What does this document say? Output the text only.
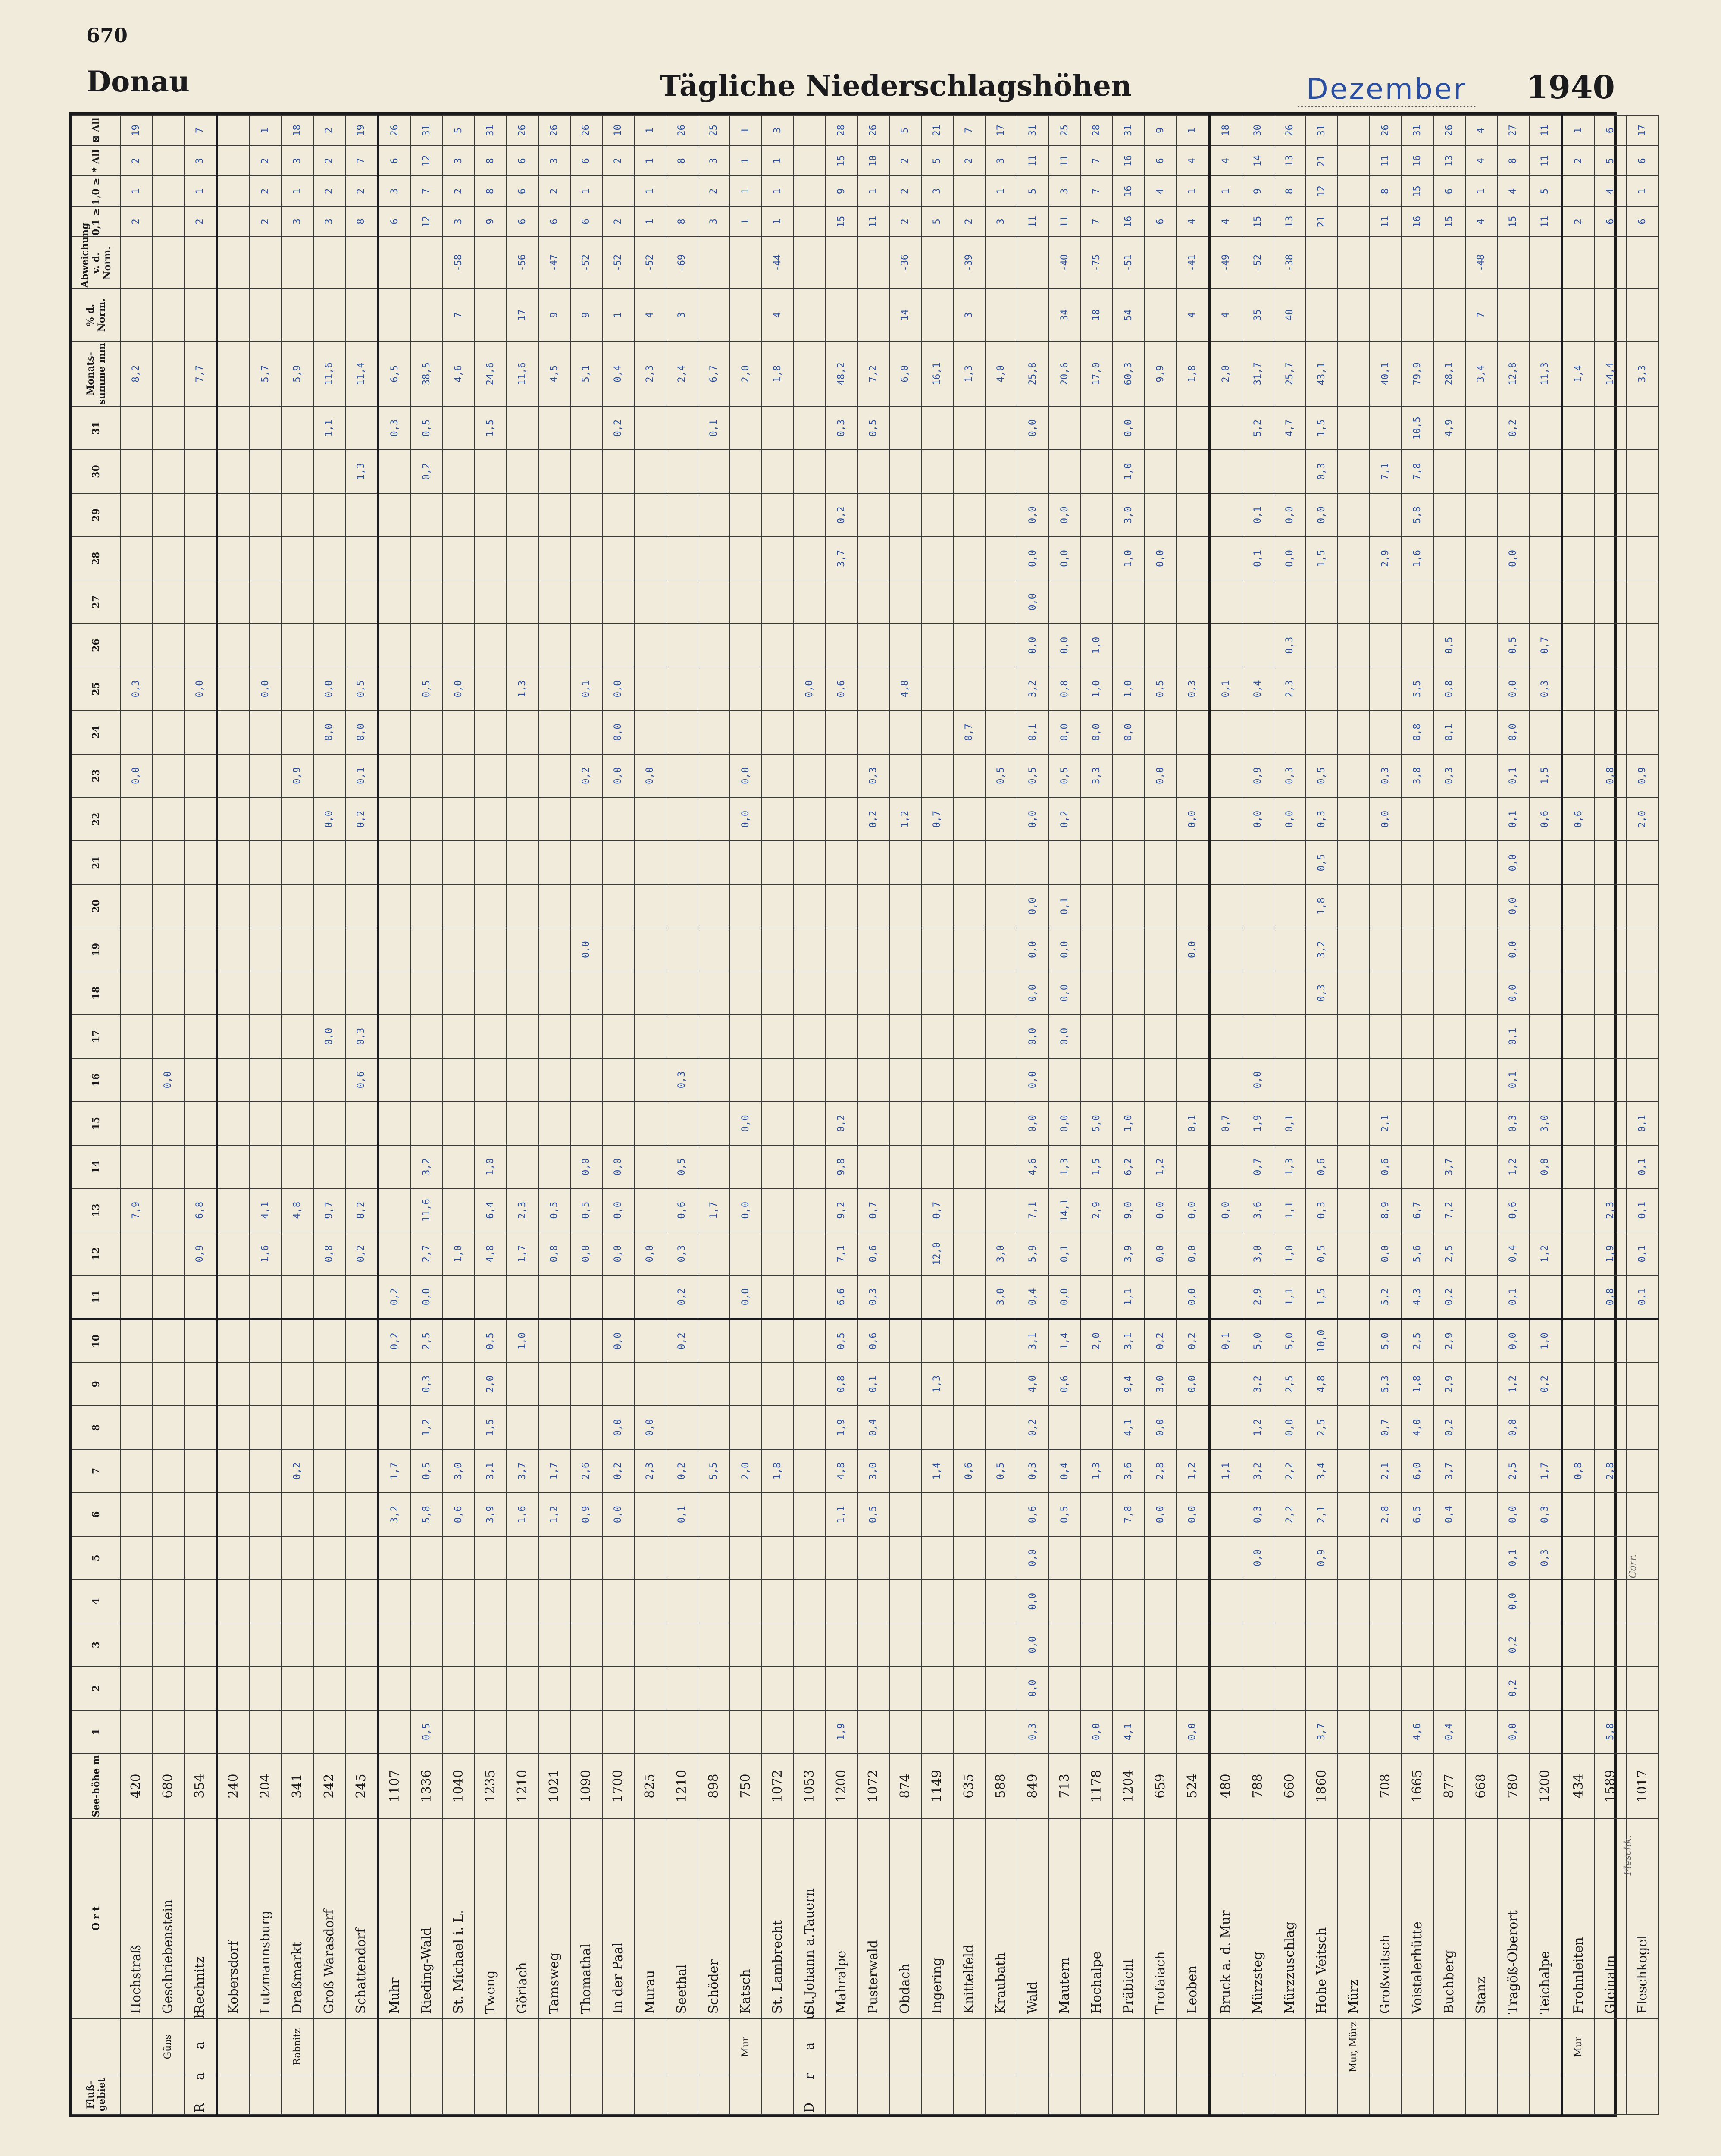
670
Donau	Tägliche Niederschlagshöhen	Dezember 1940
Fluß-gebiet		O r t	See-höhe m	1	2	3	4	5	6	7	8	9	10	11	12	13	14	15	16	17	18	19	20	21	22	23	24	25	26	27	28	29	30	31	Monats-summe mm	% d. Norm.	Abweichung v. d. Norm.	0,1 ≥	1,0 ≥	* All	⊠ All
		Hochstraß	420													7,9										0,0		0,3							8,2			2	1	2	19
	Güns	Geschriebenstein	680																0,0																						
R a a b		Rechnitz	354												0,9	6,8												0,0							7,7			2	1	3	7
		Kobersdorf	240																																						
		Lutzmannsburg	204												1,6	4,1												0,0							5,7			2	2	2	1
	Rabnitz	Draßmarkt	341							0,2						4,8										0,9									5,9			3	1	3	18
		Groß Warasdorf	242												0,8	9,7				0,0					0,0		0,0	0,0						1,1	11,6			3	2	2	2
		Schattendorf	245												0,2	8,2			0,6	0,3					0,2	0,1	0,0	0,5					1,3		11,4			8	2	7	19
		Muhr	1107						3,2	1,7			0,2	0,2																				0,3	6,5			6	3	6	26
		Rieding-Wald	1336	0,5					5,8	0,5	1,2	0,3	2,5	0,0	2,7	11,6	3,2											0,5					0,2	0,5	38,5			12	7	12	31
		St. Michael i. L.	1040						0,6	3,0					1,0													0,0							4,6	7	-58	3	2	3	5
		Tweng	1235						3,9	3,1	1,5	2,0	0,5		4,8	6,4	1,0																	1,5	24,6			9	8	8	31
		Göriach	1210						1,6	3,7			1,0		1,7	2,3												1,3							11,6	17	-56	6	6	6	26
		Tamsweg	1021						1,2	1,7					0,8	0,5																			4,5	9	-47	6	2	3	26
		Thomathal	1090						0,9	2,6					0,8	0,5	0,0					0,0				0,2		0,1							5,1	9	-52	6	1	6	26
		In der Paal	1700						0,0	0,2	0,0		0,0		0,0	0,0	0,0									0,0	0,0	0,0						0,2	0,4	1	-52	2		2	10
		Murau	825							2,3	0,0				0,0											0,0									2,3	4	-52	1	1	1	1
		Seethal	1210						0,1	0,2			0,2	0,2	0,3	0,6	0,5		0,3																2,4	3	-69	8		8	26
		Schöder	898							5,5						1,7																		0,1	6,7			3	2	3	25
	Mur	Katsch	750							2,0				0,0		0,0		0,0							0,0	0,0									2,0			1	1	1	1
		St. Lambrecht	1072							1,8																									1,8	4	-44	1	1	1	3
D r a u		St.Johann a.Tauern	1053																									0,0													
		Mahralpe	1200	1,9					1,1	4,8	1,9	0,8	0,5	6,6	7,1	9,2	9,8	0,2										0,6			3,7	0,2		0,3	48,2			15	9	15	28
		Pusterwald	1072						0,5	3,0	0,4	0,1	0,6	0,3	0,6	0,7									0,2	0,3								0,5	7,2			11	1	10	26
		Obdach	874																						1,2			4,8							6,0	14	-36	2	2	2	5
		Ingering	1149							1,4		1,3			12,0	0,7									0,7										16,1			5	3	5	21
		Knittelfeld	635							0,6																	0,7								1,3	3	-39	2		2	7
		Kraubath	588							0,5				3,0	3,0											0,5									4,0			3	1	3	17
		Wald	849	0,3	0,0	0,0	0,0	0,0	0,6	0,3	0,2	4,0	3,1	0,4	5,9	7,1	4,6	0,0	0,0	0,0	0,0	0,0	0,0		0,0	0,5	0,1	3,2	0,0	0,0	0,0	0,0		0,0	25,8			11	5	11	31
		Mautern	713						0,5	0,4		0,6	1,4	0,0	0,1	14,1	1,3	0,0		0,0	0,0	0,0	0,1		0,2	0,5	0,0	0,8	0,0		0,0	0,0			20,6	34	-40	11	3	11	25
		Hochalpe	1178	0,0						1,3			2,0			2,9	1,5	5,0								3,3	0,0	1,0	1,0						17,0	18	-75	7	7	7	28
		Präbichl	1204	4,1					7,8	3,6	4,1	9,4	3,1	1,1	3,9	9,0	6,2	1,0									0,0	1,0			1,0	3,0	1,0	0,0	60,3	54	-51	16	16	16	31
		Trofaiach	659						0,0	2,8	0,0	3,0	0,2		0,0	0,0	1,2									0,0		0,5			0,0				9,9			6	4	6	9
		Leoben	524	0,0					0,0	1,2		0,0	0,2	0,0	0,0	0,0		0,1				0,0			0,0			0,3							1,8	4	-41	4	1	4	1
		Bruck a. d. Mur	480							1,1			0,1			0,0		0,7										0,1							2,0	4	-49	4	1	4	18
		Mürzsteg	788					0,0	0,3	3,2	1,2	3,2	5,0	2,9	3,0	3,6	0,7	1,9	0,0						0,0	0,9		0,4			0,1	0,1		5,2	31,7	35	-52	15	9	14	30
		Mürzzuschlag	660						2,2	2,2	0,0	2,5	5,0	1,1	1,0	1,1	1,3	0,1							0,0	0,3		2,3	0,3		0,0	0,0		4,7	25,7	40	-38	13	8	13	26
		Hohe Veitsch	1860	3,7				0,9	2,1	3,4	2,5	4,8	10,0	1,5	0,5	0,3	0,6				0,3	3,2	1,8	0,5	0,3	0,5					1,5	0,0	0,3	1,5	43,1			21	12	21	31
	Mur, Mürz	Mürz																																							
		Großveitsch	708						2,8	2,1	0,7	5,3	5,0	5,2	0,0	8,9	0,6	2,1							0,0	0,3					2,9		7,1		40,1			11	8	11	26
		Voistalerhütte	1665	4,6					6,5	6,0	4,0	1,8	2,5	4,3	5,6	6,7										3,8	0,8	5,5			1,6	5,8	7,8	10,5	79,9			16	15	16	31
		Buchberg	877	0,4					0,4	3,7	0,2	2,9	2,9	0,2	2,5	7,2	3,7									0,3	0,1	0,8	0,5					4,9	28,1			15	6	13	26
		Stanz	668																																3,4	7	-48	4	1	4	4
		Tragöß-Oberort	780	0,0	0,2	0,2	0,0	0,1	0,0	2,5	0,8	1,2	0,0	0,1	0,4	0,6	1,2	0,3	0,1	0,1	0,0	0,0	0,0	0,0	0,1	0,1	0,0	0,0	0,5		0,0			0,2	12,8			15	4	8	27
		Teichalpe	1200					0,3	0,3	1,7		0,2	1,0		1,2		0,8	3,0							0,6	1,5		0,3	0,7						11,3			11	5	11	11
	Mur	Frohnleiten	434							0,8															0,6										1,4			2		2	1
		Gleinalm	1589	5,8						2,8				0,8	1,9	2,3										0,8									14,4			6	4	5	6
		Fleschkogel	1017											0,1	0,1	0,1	0,1	0,1							2,0	0,9									3,3			6	1	6	17
Corr.
Fleschk.
